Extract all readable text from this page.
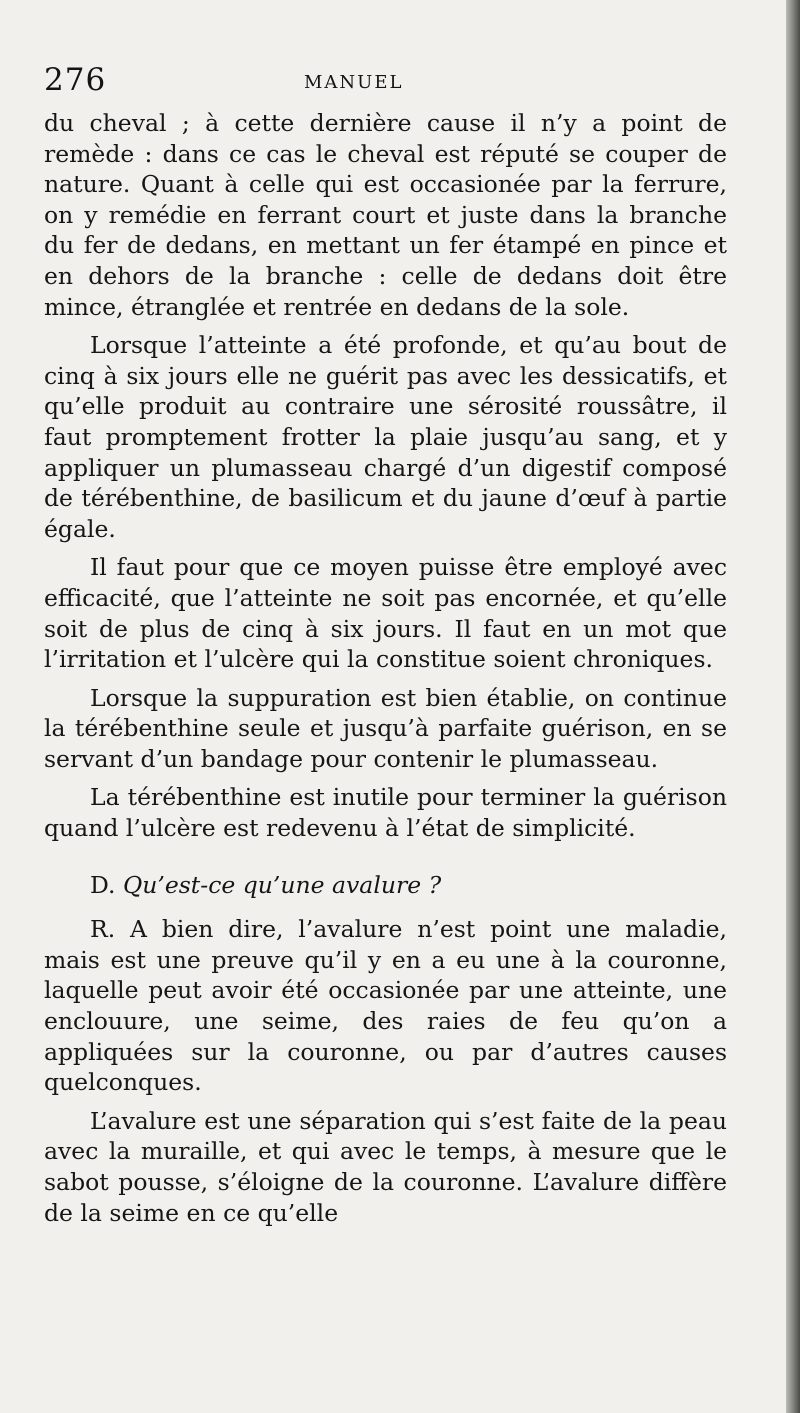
276	MANUEL

du cheval ; à cette dernière cause il n’y a point de remède : dans ce cas le cheval est réputé se couper de nature. Quant à celle qui est occasionée par la ferrure, on y remédie en ferrant court et juste dans la branche du fer de dedans, en mettant un fer étampé en pince et en dehors de la branche : celle de dedans doit être mince, étranglée et rentrée en dedans de la sole.

Lorsque l’atteinte a été profonde, et qu’au bout de cinq à six jours elle ne guérit pas avec les dessicatifs, et qu’elle produit au contraire une sérosité roussâtre, il faut promptement frotter la plaie jusqu’au sang, et y appliquer un plumasseau chargé d’un digestif composé de térébenthine, de basilicum et du jaune d’œuf à partie égale.

Il faut pour que ce moyen puisse être employé avec efficacité, que l’atteinte ne soit pas encornée, et qu’elle soit de plus de cinq à six jours. Il faut en un mot que l’irritation et l’ulcère qui la constitue soient chroniques.

Lorsque la suppuration est bien établie, on continue la térébenthine seule et jusqu’à parfaite guérison, en se servant d’un bandage pour contenir le plumasseau.

La térébenthine est inutile pour terminer la guérison quand l’ulcère est redevenu à l’état de simplicité.

D. Qu’est-ce qu’une avalure ?

R. A bien dire, l’avalure n’est point une maladie, mais est une preuve qu’il y en a eu une à la couronne, laquelle peut avoir été occasionée par une atteinte, une enclouure, une seime, des raies de feu qu’on a appliquées sur la couronne, ou par d’autres causes quelconques.

L’avalure est une séparation qui s’est faite de la peau avec la muraille, et qui avec le temps, à mesure que le sabot pousse, s’éloigne de la couronne. L’avalure diffère de la seime en ce qu’elle
